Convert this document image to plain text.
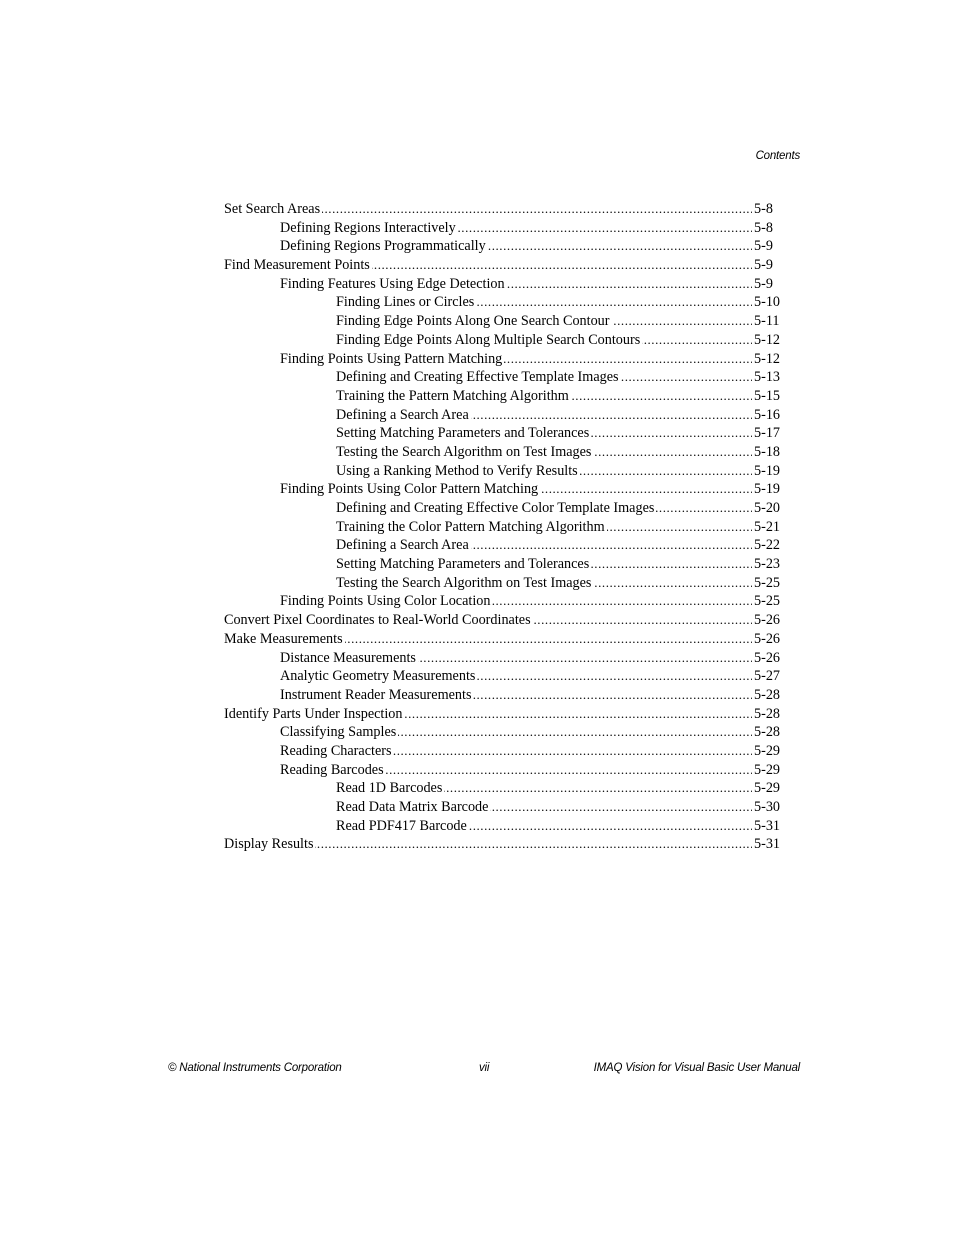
Contents
Set Search Areas . . .	5-8
Defining Regions Interactively . . .	5-8
Defining Regions Programmatically . . .	5-9
Find Measurement Points . . .	5-9
Finding Features Using Edge Detection . . .	5-9
Finding Lines or Circles . . .	5-10
Finding Edge Points Along One Search Contour . . .	5-11
Finding Edge Points Along Multiple Search Contours . . .	5-12
Finding Points Using Pattern Matching . . .	5-12
Defining and Creating Effective Template Images . . .	5-13
Training the Pattern Matching Algorithm . . .	5-15
Defining a Search Area . . .	5-16
Setting Matching Parameters and Tolerances . . .	5-17
Testing the Search Algorithm on Test Images . . .	5-18
Using a Ranking Method to Verify Results . . .	5-19
Finding Points Using Color Pattern Matching . . .	5-19
Defining and Creating Effective Color Template Images . . .	5-20
Training the Color Pattern Matching Algorithm . . .	5-21
Defining a Search Area . . .	5-22
Setting Matching Parameters and Tolerances . . .	5-23
Testing the Search Algorithm on Test Images . . .	5-25
Finding Points Using Color Location . . .	5-25
Convert Pixel Coordinates to Real-World Coordinates . . .	5-26
Make Measurements . . .	5-26
Distance Measurements . . .	5-26
Analytic Geometry Measurements . . .	5-27
Instrument Reader Measurements . . .	5-28
Identify Parts Under Inspection . . .	5-28
Classifying Samples . . .	5-28
Reading Characters . . .	5-29
Reading Barcodes . . .	5-29
Read 1D Barcodes . . .	5-29
Read Data Matrix Barcode . . .	5-30
Read PDF417 Barcode . . .	5-31
Display Results . . .	5-31
© National Instruments Corporation	vii	IMAQ Vision for Visual Basic User Manual
